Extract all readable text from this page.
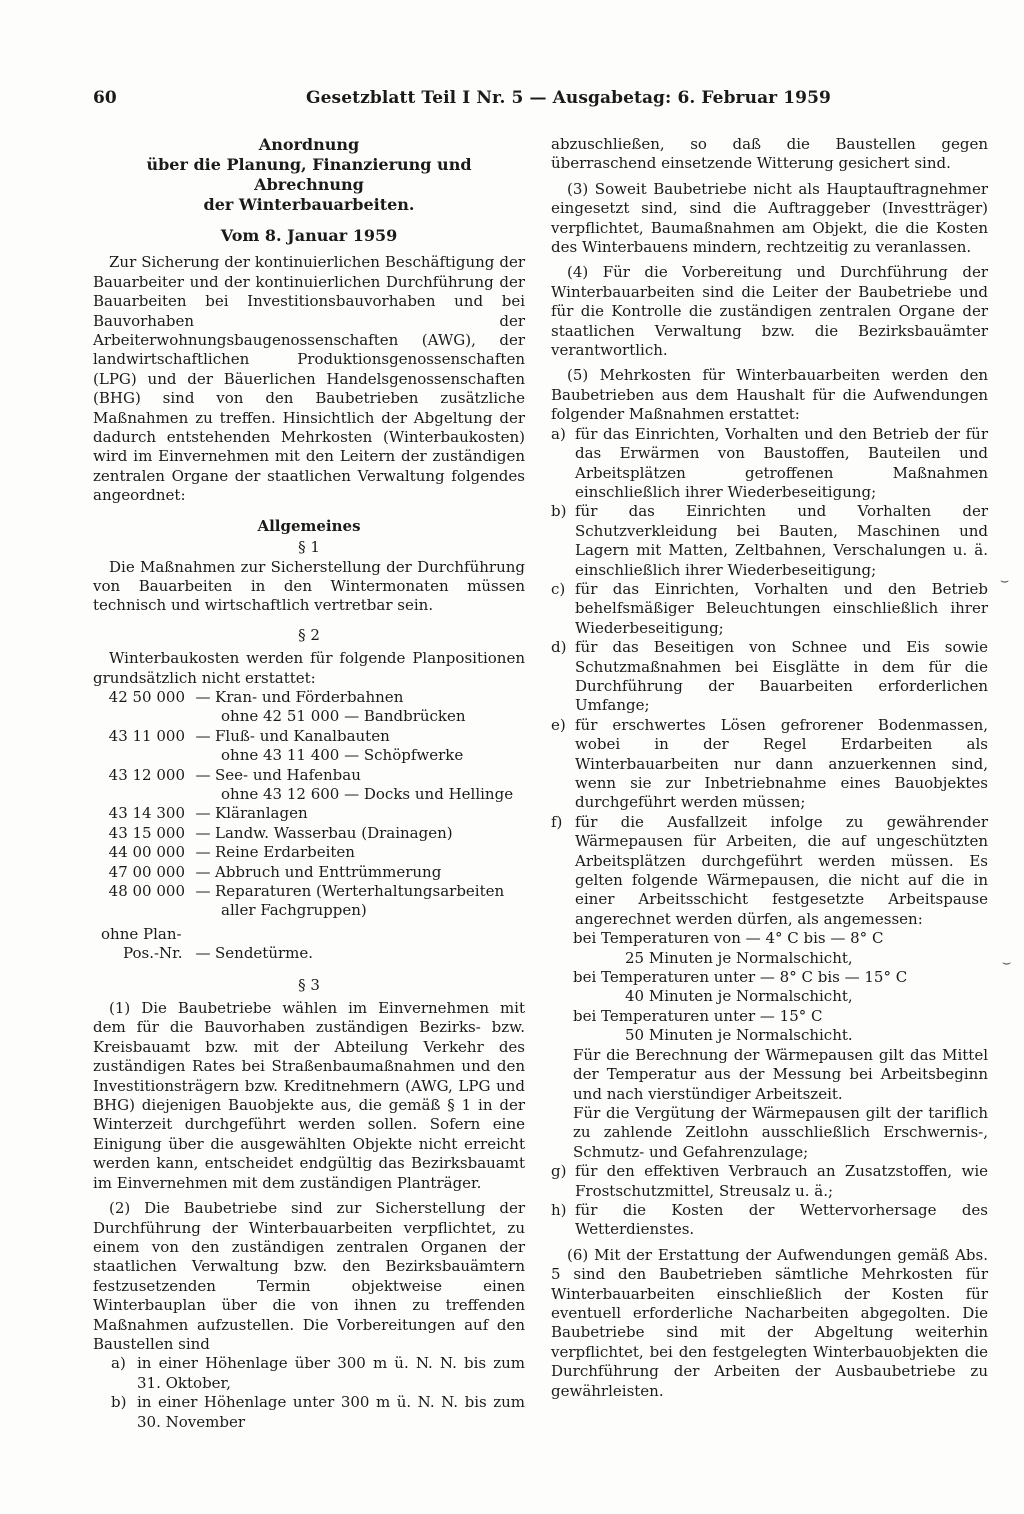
60	Gesetzblatt Teil I Nr. 5 — Ausgabetag: 6. Februar 1959

Anordnung

über die Planung, Finanzierung und Abrechnung

der Winterbauarbeiten.

Vom 8. Januar 1959

Zur Sicherung der kontinuierlichen Beschäftigung der Bauarbeiter und der kontinuierlichen Durchführung der Bauarbeiten bei Investitionsbauvorhaben und bei Bauvorhaben der Arbeiterwohnungsbaugenossenschaften (AWG), der landwirtschaftlichen Produktionsgenossenschaften (LPG) und der Bäuerlichen Handelsgenossenschaften (BHG) sind von den Baubetrieben zusätzliche Maßnahmen zu treffen. Hinsichtlich der Abgeltung der dadurch entstehenden Mehrkosten (Winterbaukosten) wird im Einvernehmen mit den Leitern der zuständigen zentralen Organe der staatlichen Verwaltung folgendes angeordnet:

Allgemeines

§ 1

Die Maßnahmen zur Sicherstellung der Durchführung von Bauarbeiten in den Wintermonaten müssen technisch und wirtschaftlich vertretbar sein.

§ 2

Winterbaukosten werden für folgende Planpositionen grundsätzlich nicht erstattet:

42 50 000 — Kran- und Förderbahnen

ohne 42 51 000 — Bandbrücken

43 11 000 — Fluß- und Kanalbauten

ohne 43 11 400 — Schöpfwerke

43 12 000 — See- und Hafenbau

ohne 43 12 600 — Docks und Hellinge

43 14 300 — Kläranlagen
43 15 000 — Landw. Wasserbau (Drainagen)
44 00 000 — Reine Erdarbeiten
47 00 000 — Abbruch und Enttrümmerung
48 00 000 — Reparaturen (Werterhaltungsarbeiten

aller Fachgruppen)

ohne Plan-
Pos.-Nr. — Sendetürme.

§ 3

(1) Die Baubetriebe wählen im Einvernehmen mit dem für die Bauvorhaben zuständigen Bezirks- bzw. Kreisbauamt bzw. mit der Abteilung Verkehr des zuständigen Rates bei Straßenbaumaßnahmen und den Investitionsträgern bzw. Kreditnehmern (AWG, LPG und BHG) diejenigen Bauobjekte aus, die gemäß § 1 in der Winterzeit durchgeführt werden sollen. Sofern eine Einigung über die ausgewählten Objekte nicht erreicht werden kann, entscheidet endgültig das Bezirksbauamt im Einvernehmen mit dem zuständigen Planträger.

(2) Die Baubetriebe sind zur Sicherstellung der Durchführung der Winterbauarbeiten verpflichtet, zu einem von den zuständigen zentralen Organen der staatlichen Verwaltung bzw. den Bezirksbauämtern festzusetzenden Termin objektweise einen Winterbauplan über die von ihnen zu treffenden Maßnahmen aufzustellen. Die Vorbereitungen auf den Baustellen sind

a) in einer Höhenlage über 300 m ü. N. N. bis zum 31. Oktober,
b) in einer Höhenlage unter 300 m ü. N. N. bis zum 30. November

abzuschließen, so daß die Baustellen gegen überraschend einsetzende Witterung gesichert sind.

(3) Soweit Baubetriebe nicht als Hauptauftragnehmer eingesetzt sind, sind die Auftraggeber (Investträger) verpflichtet, Baumaßnahmen am Objekt, die die Kosten des Winterbauens mindern, rechtzeitig zu veranlassen.

(4) Für die Vorbereitung und Durchführung der Winterbauarbeiten sind die Leiter der Baubetriebe und für die Kontrolle die zuständigen zentralen Organe der staatlichen Verwaltung bzw. die Bezirksbauämter verantwortlich.

(5) Mehrkosten für Winterbauarbeiten werden den Baubetrieben aus dem Haushalt für die Aufwendungen folgender Maßnahmen erstattet:

a) für das Einrichten, Vorhalten und den Betrieb der für das Erwärmen von Baustoffen, Bauteilen und Arbeitsplätzen getroffenen Maßnahmen einschließlich ihrer Wiederbeseitigung;
b) für das Einrichten und Vorhalten der Schutzverkleidung bei Bauten, Maschinen und Lagern mit Matten, Zeltbahnen, Verschalungen u. ä. einschließlich ihrer Wiederbeseitigung;
c) für das Einrichten, Vorhalten und den Betrieb behelfsmäßiger Beleuchtungen einschließlich ihrer Wiederbeseitigung;
d) für das Beseitigen von Schnee und Eis sowie Schutzmaßnahmen bei Eisglätte in dem für die Durchführung der Bauarbeiten erforderlichen Umfange;
e) für erschwertes Lösen gefrorener Bodenmassen, wobei in der Regel Erdarbeiten als Winterbauarbeiten nur dann anzuerkennen sind, wenn sie zur Inbetriebnahme eines Bauobjektes durchgeführt werden müssen;
f) für die Ausfallzeit infolge zu gewährender Wärmepausen für Arbeiten, die auf ungeschützten Arbeitsplätzen durchgeführt werden müssen. Es gelten folgende Wärmepausen, die nicht auf die in einer Arbeitsschicht festgesetzte Arbeitspause angerechnet werden dürfen, als angemessen:

bei Temperaturen von — 4° C bis — 8° C

25 Minuten je Normalschicht,

bei Temperaturen unter — 8° C bis — 15° C

40 Minuten je Normalschicht,

bei Temperaturen unter — 15° C

50 Minuten je Normalschicht.

Für die Berechnung der Wärmepausen gilt das Mittel der Temperatur aus der Messung bei Arbeitsbeginn und nach vierstündiger Arbeitszeit.

Für die Vergütung der Wärmepausen gilt der tariflich zu zahlende Zeitlohn ausschließlich Erschwernis-, Schmutz- und Gefahrenzulage;

g) für den effektiven Verbrauch an Zusatzstoffen, wie Frostschutzmittel, Streusalz u. ä.;
h) für die Kosten der Wettervorhersage des Wetterdienstes.

(6) Mit der Erstattung der Aufwendungen gemäß Abs. 5 sind den Baubetrieben sämtliche Mehrkosten für Winterbauarbeiten einschließlich der Kosten für eventuell erforderliche Nacharbeiten abgegolten. Die Baubetriebe sind mit der Abgeltung weiterhin verpflichtet, bei den festgelegten Winterbauobjekten die Durchführung der Arbeiten der Ausbaubetriebe zu gewährleisten.

⌣
⌣
